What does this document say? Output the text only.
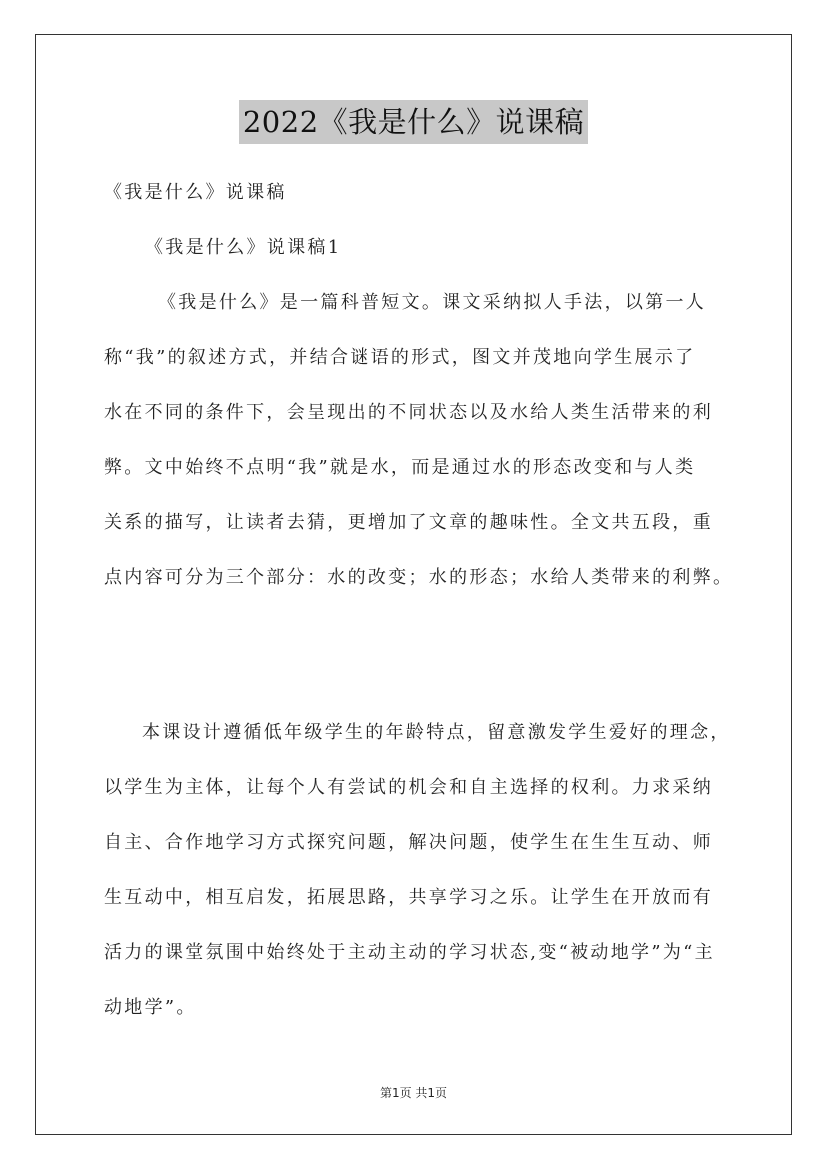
2022《我是什么》说课稿
《我是什么》说课稿
《我是什么》说课稿1
《我是什么》是一篇科普短文。课文采纳拟人手法，以第一人
称“我”的叙述方式，并结合谜语的形式，图文并茂地向学生展示了
水在不同的条件下，会呈现出的不同状态以及水给人类生活带来的利
弊。文中始终不点明“我”就是水，而是通过水的形态改变和与人类
关系的描写，让读者去猜，更增加了文章的趣味性。全文共五段，重
点内容可分为三个部分：水的改变；水的形态；水给人类带来的利弊。
本课设计遵循低年级学生的年龄特点，留意激发学生爱好的理念，
以学生为主体，让每个人有尝试的机会和自主选择的权利。力求采纳
自主、合作地学习方式探究问题，解决问题，使学生在生生互动、师
生互动中，相互启发，拓展思路，共享学习之乐。让学生在开放而有
活力的课堂氛围中始终处于主动主动的学习状态,变“被动地学”为“主
动地学”。
第1页 共1页
